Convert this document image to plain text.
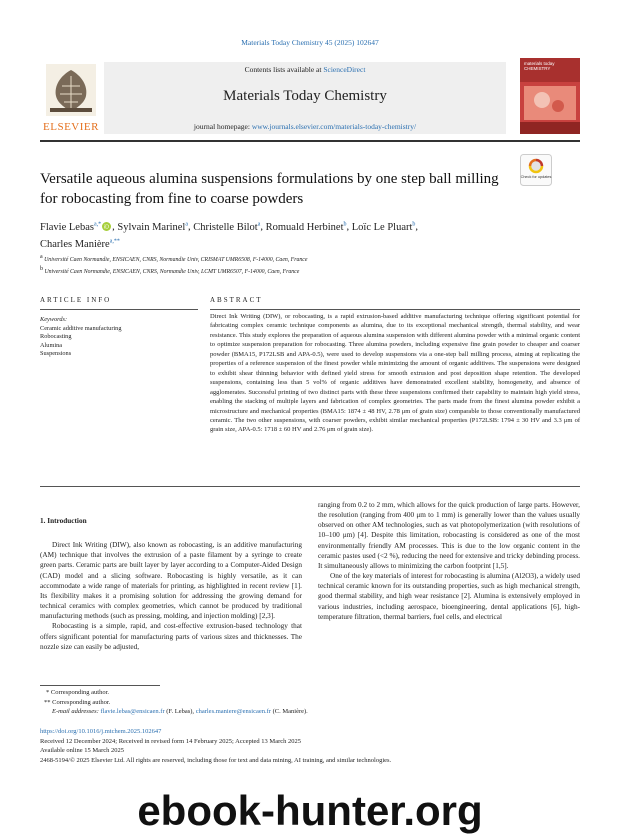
Materials Today Chemistry 45 (2025) 102647
ELSEVIER
Contents lists available at ScienceDirect
Materials Today Chemistry
journal homepage: www.journals.elsevier.com/materials-today-chemistry/
materials today CHEMISTRY
Versatile aqueous alumina suspensions formulations by one step ball milling for robocasting from fine to coarse powders
Check for updates
Flavie Lebas$^{a,*}$
iD , Sylvain Marinel$^a$, Christelle Bilot$^a$, Romuald Herbinet$^b$, Loïc Le Pluart$^b$,
Charles Manière$^{a,**}$
$^a$ Université Caen Normandie, ENSICAEN, CNRS, Normandie Univ, CRISMAT UMR6508, F-14000, Caen, France
$^b$ Université Caen Normandie, ENSICAEN, CNRS, Normandie Univ, LCMT UMR6507, F-14000, Caen, France
ARTICLE INFO
Keywords:
Ceramic additive manufacturing
Robocasting
Alumina
Suspensions
ABSTRACT
Direct Ink Writing (DIW), or robocasting, is a rapid extrusion-based additive manufacturing technique offering significant potential for fabricating complex ceramic technique components as alumina, due to its exceptional mechanical strength, thermal stability, and wear resistance. This study explores the preparation of aqueous alumina suspension with different alumina powder with a minimal organic content to optimize suspension preparation for robocasting. Three alumina powders, including expensive fine grain powder to cheaper and coarser powder (BMA15, P172LSB and APA-0.5), were used to develop suspensions via a one-step ball milling process, aiming at replicating the properties of a reference suspension of the finest powder while minimizing the amount of organic additives. The suspensions were designed to exhibit shear thinning behavior with defined yield stress for smooth extrusion and post deposition shape retention. The developed suspensions, containing less than 5 vol% of organic additives have demonstrated excellent stability, homogeneity, and absence of agglomerates. Successful printing of two distinct parts with these three suspensions confirmed their capability to maintain high yield stress, enabling the stacking of multiple layers and fabrication of complex geometries. The parts made from the finest alumina powder exhibit a microstructure and mechanical properties (BMA15: 1874 ± 48 HV, 2.78 μm of grain size) comparable to those conventionally manufactured ceramic. The two other suspensions, with coarser powders, exhibit similar mechanical properties (P172LSB: 1794 ± 30 HV and 3.3 μm of grain size, APA-0.5: 1718 ± 60 HV and 2.76 μm of grain size).

1. Introduction

Direct Ink Writing (DIW), also known as robocasting, is an additive manufacturing (AM) technique that involves the extrusion of a paste filament by a syringe to create green parts. Ceramic parts are built layer by layer according to a Computer-Aided Design (CAD) model and a slicing software. Robocasting is highly versatile, as it can accommodate a wide range of materials for printing, as highlighted in recent review [1]. Its flexibility makes it a promising solution for addressing the growing demand for technical ceramics with complex geometries, which cannot be produced by traditional manufacturing methods (such as pressing, molding, and injection molding) [2,3].

Robocasting is a simple, rapid, and cost-effective extrusion-based technology that offers significant potential for manufacturing parts of various sizes and thicknesses. The nozzle size can easily be adjusted,

ranging from 0.2 to 2 mm, which allows for the quick production of large parts. However, the resolution (ranging from 400 μm to 1 mm) is generally lower than the values usually observed on other AM technologies, such as vat photopolymerization (with resolutions of 10–100 μm) [4]. Despite this limitation, robocasting is considered as one of the most environmentally friendly AM processes. This is due to the low organic content in the ceramic pastes used (<2 %), reducing the need for extensive and tricky debinding process. It simultaneously allows to minimizing the carbon footprint [1,5].

One of the key materials of interest for robocasting is alumina (Al2O3), a widely used technical ceramic known for its outstanding properties, such as high mechanical strength, good thermal stability, and high wear resistance [2]. Alumina is extensively employed in various industries, including aerospace, bioengineering, dental applications [6], high-temperature filtration, thermal barriers, fuel cells, and electrical

* Corresponding author.
** Corresponding author.
E-mail addresses: flavie.lebas@ensicaen.fr (F. Lebas), charles.maniere@ensicaen.fr (C. Manière).
https://doi.org/10.1016/j.mtchem.2025.102647
Received 12 December 2024; Received in revised form 14 February 2025; Accepted 13 March 2025
Available online 15 March 2025
2468-5194/© 2025 Elsevier Ltd. All rights are reserved, including those for text and data mining, AI training, and similar technologies.
ebook-hunter.org
